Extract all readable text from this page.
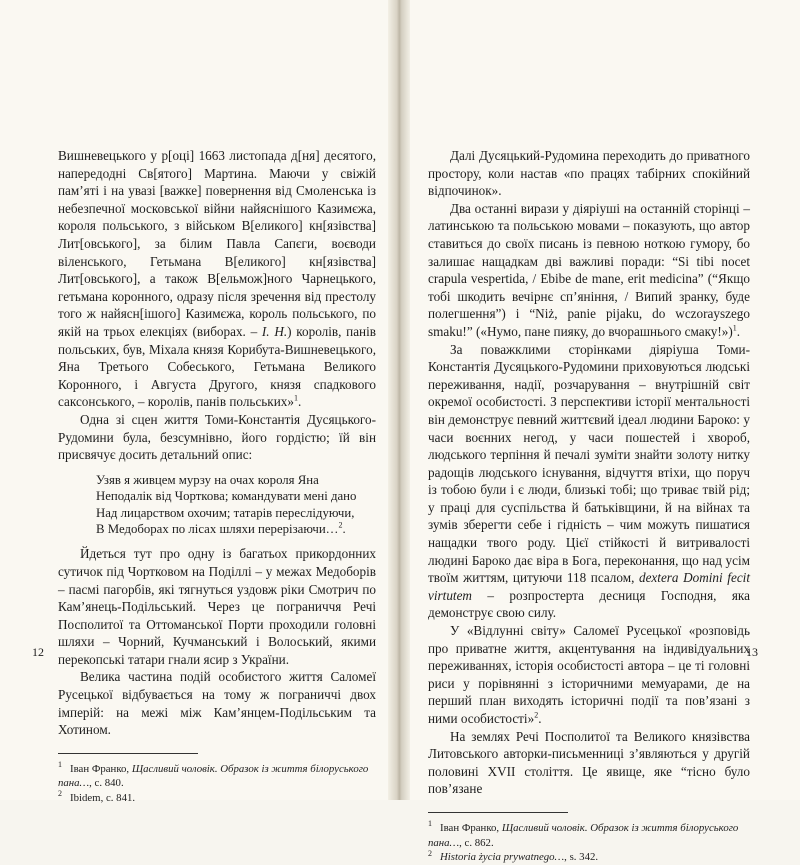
Вишневецького у р[оці] 1663 листопада д[ня] десятого, напередодні Св[ятого] Мартина. Маючи у свіжій пам’яті і на увазі [важке] повернення від Смоленська із небезпечної московської війни найяснішого Казимєжа, короля польського, з військом В[еликого] кн[язівства] Лит[овського], за білим Павла Сапєги, воєводи віленського, Гетьмана В[еликого] кн[язівства] Лит[овського], а також В[ельмож]ного Чарнецького, гетьмана коронного, одразу після зречення від престолу того ж найясн[ішого] Казимєжа, король польського, по якій на трьох елекціях (виборах. – І. Н.) королів, панів польських, був, Міхала князя Корибута-Вишневецького, Яна Третього Собеського, Гетьмана Великого Коронного, і Августа Другого, князя спадкового саксонського, – королів, панів польських»$^1$.

Одна зі сцен життя Томи-Константія Дусяцького-Рудомини була, безсумнівно, його гордістю; їй він присвячує досить детальний опис:

Узяв я живцем мурзу на очах короля Яна
Неподалік від Чорткова; командувати мені дано
Над лицарством охочим; татарів переслідуючи,
В Медоборах по лісах шляхи перерізаючи…$^2$.

Йдеться тут про одну із багатьох прикордонних сутичок під Чортковом на Поділлі – у межах Медоборів – пасмі пагорбів, які тягнуться уздовж ріки Смотрич по Кам’янець-Подільський. Через це пограниччя Речі Посполитої та Оттоманської Порти проходили головні шляхи – Чорний, Кучманський і Волоський, якими перекопські татари гнали ясир з України.

Велика частина подій особистого життя Саломеї Русецької відбувається на тому ж пограниччі двох імперій: на межі між Кам’янцем-Подільським та Хотином.

$^1$ Іван Франко, Щасливий чоловік. Образок із життя білоруського пана…, с. 840.

$^2$ Ibidem, с. 841.

12

Далі Дусяцький-Рудомина переходить до приватного простору, коли настав «по працях табірних спокійний відпочинок».

Два останні вирази у діяріуші на останній сторінці – латинською та польською мовами – показують, що автор ставиться до своїх писань із певною ноткою гумору, бо залишає нащадкам дві важливі поради: “Si tibi nocet crapula vespertida, / Ebibe de mane, erit medicina” (“Якщо тобі шкодить вечірнє сп’яніння, / Випий зранку, буде полегшення”) і “Niż, panie pijaku, do wczorayszego smaku!” («Нумо, пане пияку, до вчорашнього смаку!»)$^1$.

За поважклими сторінками діяріуша Томи-Константія Дусяцького-Рудомини приховуються людські переживання, надії, розчарування – внутрішній світ окремої особистості. З перспективи історії ментальності він демонструє певний життєвий ідеал людини Бароко: у часи воєнних негод, у часи пошестей і хвороб, людського терпіння й печалі зуміти знайти золоту нитку радощів людського існування, відчуття втіхи, що поруч із тобою були і є люди, близькі тобі; що триває твій рід; у праці для суспільства й батьківщини, й на війнах та зумів зберегти себе і гідність – чим можуть пишатися нащадки твого роду. Цієї стійкості й витривалості людині Бароко дає віра в Бога, переконання, що над усім твоїм життям, цитуючи 118 псалом, dextera Domini fecit virtutem – розпростерта десниця Господня, яка демонструє свою силу.

У «Відлунні світу» Саломеї Русецької «розповідь про приватне життя, акцентування на індивідуальних переживаннях, історія особистості автора – це ті головні риси у порівнянні з історичними мемуарами, де на перший план виходять історичні події та пов’язані з ними особистості»$^2$.

На землях Речі Посполитої та Великого князівства Литовського авторки-письменниці з’являються у другій половині XVII століття. Це явище, яке “тісно було пов’язане

$^1$ Іван Франко, Щасливий чоловік. Образок із життя білоруського пана…, с. 862.

$^2$ Historia życia prywatnego…, s. 342.

13
